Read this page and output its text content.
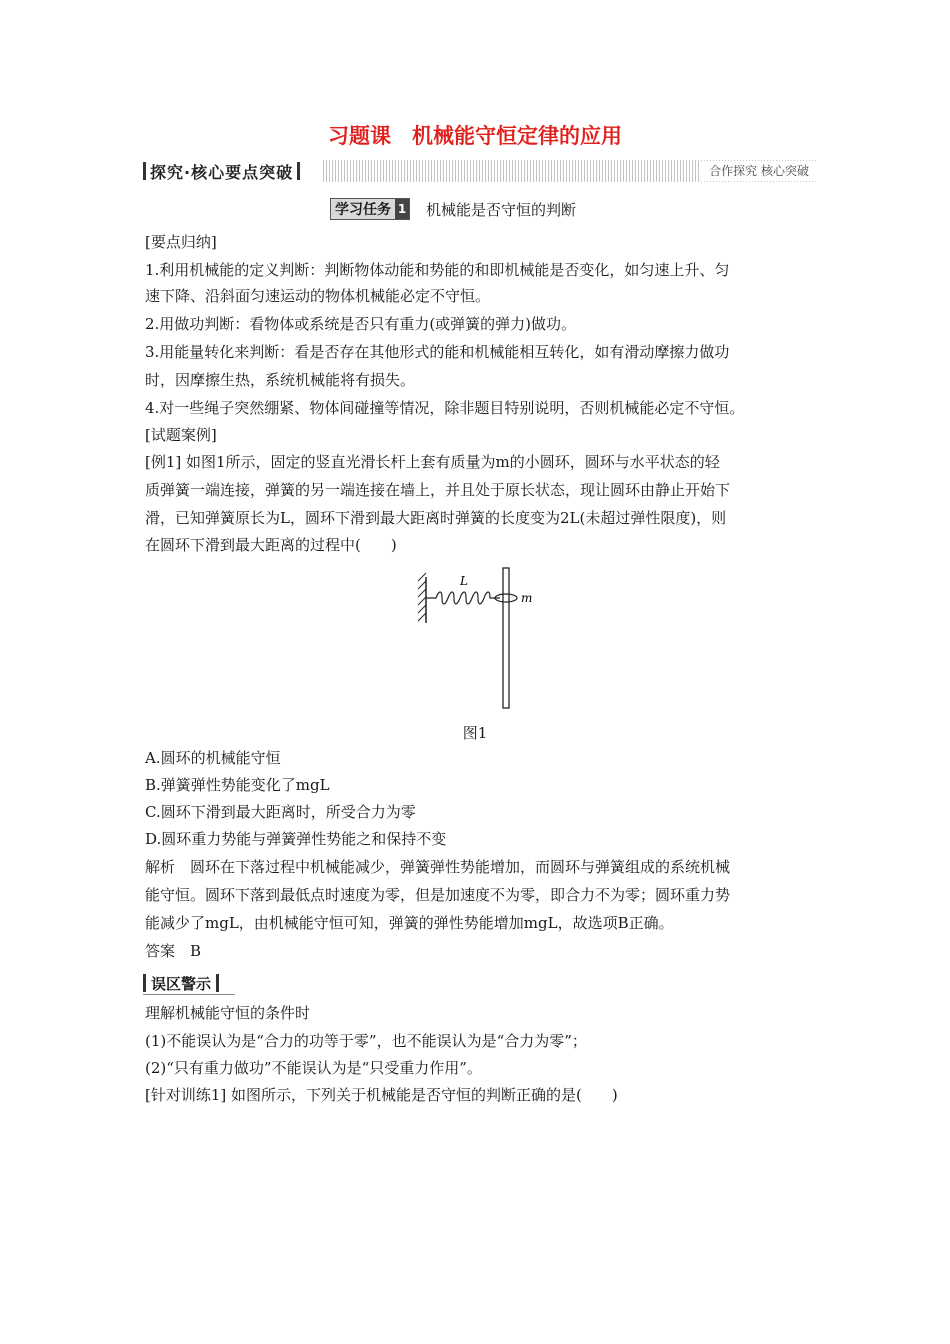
习题课　机械能守恒定律的应用
探究·核心要点突破	合作探究 核心突破
学习任务 1 机械能是否守恒的判断
[要点归纳]
1.利用机械能的定义判断：判断物体动能和势能的和即机械能是否变化，如匀速上升、匀
速下降、沿斜面匀速运动的物体机械能必定不守恒。
2.用做功判断：看物体或系统是否只有重力(或弹簧的弹力)做功。
3.用能量转化来判断：看是否存在其他形式的能和机械能相互转化，如有滑动摩擦力做功
时，因摩擦生热，系统机械能将有损失。
4.对一些绳子突然绷紧、物体间碰撞等情况，除非题目特别说明，否则机械能必定不守恒。
[试题案例]
[例1] 如图1所示，固定的竖直光滑长杆上套有质量为m的小圆环，圆环与水平状态的轻
质弹簧一端连接，弹簧的另一端连接在墙上，并且处于原长状态，现让圆环由静止开始下
滑，已知弹簧原长为L，圆环下滑到最大距离时弹簧的长度变为2L(未超过弹性限度)，则
在圆环下滑到最大距离的过程中(　　)
L
m
图1
A.圆环的机械能守恒
B.弹簧弹性势能变化了mgL
C.圆环下滑到最大距离时，所受合力为零
D.圆环重力势能与弹簧弹性势能之和保持不变
解析　圆环在下落过程中机械能减少，弹簧弹性势能增加，而圆环与弹簧组成的系统机械
能守恒。圆环下落到最低点时速度为零，但是加速度不为零，即合力不为零；圆环重力势
能减少了mgL，由机械能守恒可知，弹簧的弹性势能增加mgL，故选项B正确。
答案　B
误区警示
理解机械能守恒的条件时
(1)不能误认为是“合力的功等于零”，也不能误认为是“合力为零”；
(2)“只有重力做功”不能误认为是“只受重力作用”。
[针对训练1] 如图所示，下列关于机械能是否守恒的判断正确的是(　　)
